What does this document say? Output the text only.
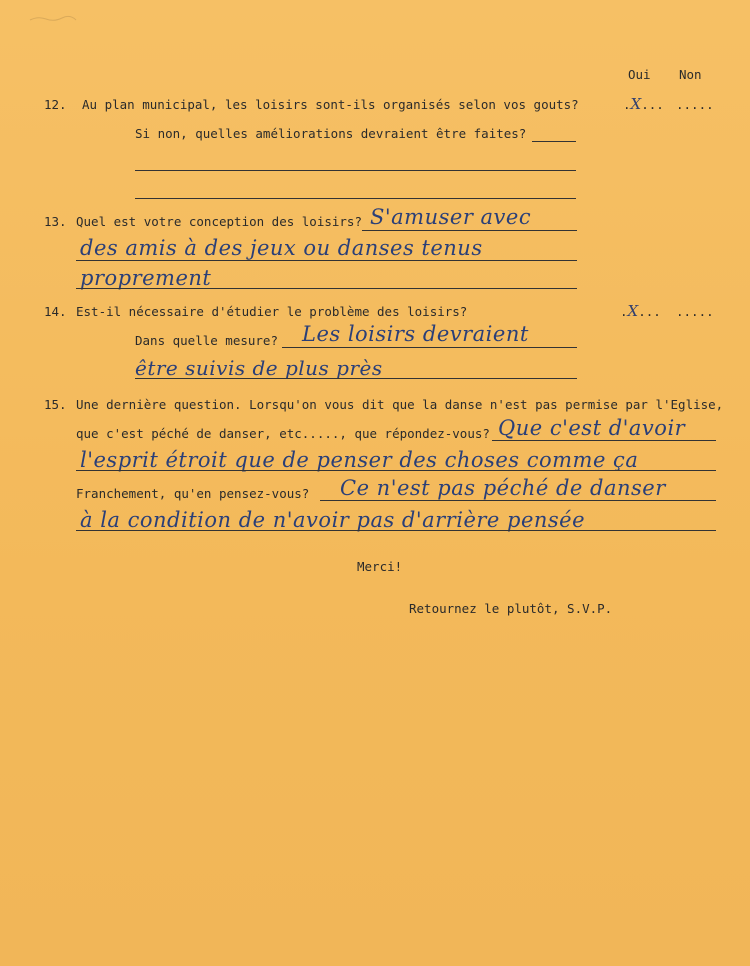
Oui Non
12. Au plan municipal, les loisirs sont-ils organisés selon vos gouts?	.X... .....
Si non, quelles améliorations devraient être faites?
13. Quel est votre conception des loisirs? S'amuser avec
des amis à des jeux ou danses tenus
proprement
14. Est-il nécessaire d'étudier le problème des loisirs?	.X... .....
Dans quelle mesure? Les loisirs devraient
être suivis de plus près
15. Une dernière question. Lorsqu'on vous dit que la danse n'est pas permise par l'Eglise,
que c'est péché de danser, etc....., que répondez-vous? Que c'est d'avoir
l'esprit étroit que de penser des choses comme ça
Franchement, qu'en pensez-vous? Ce n'est pas péché de danser
à la condition de n'avoir pas d'arrière pensée
Merci!
Retournez le plutôt, S.V.P.
